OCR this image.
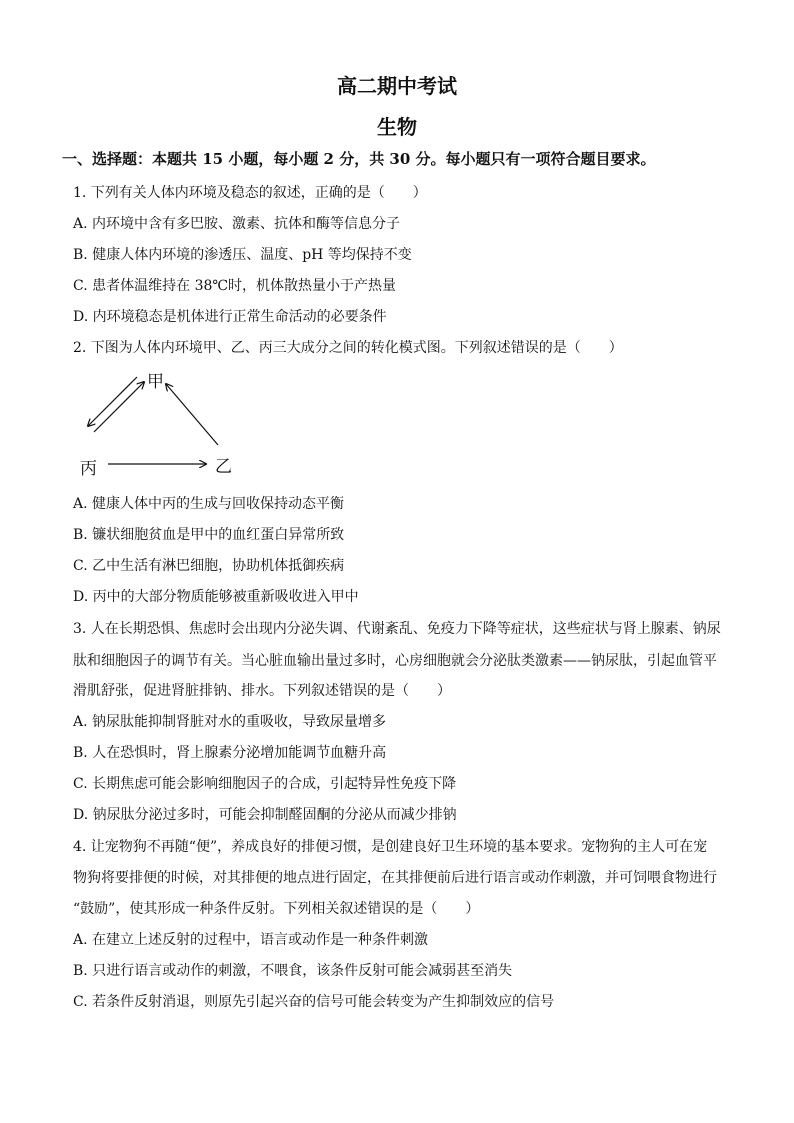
高二期中考试
生物
一、选择题：本题共 15 小题，每小题 2 分，共 30 分。每小题只有一项符合题目要求。
1. 下列有关人体内环境及稳态的叙述，正确的是（　　）
A. 内环境中含有多巴胺、激素、抗体和酶等信息分子
B. 健康人体内环境的渗透压、温度、pH 等均保持不变
C. 患者体温维持在 38℃时，机体散热量小于产热量
D. 内环境稳态是机体进行正常生命活动的必要条件
2. 下图为人体内环境甲、乙、丙三大成分之间的转化模式图。下列叙述错误的是（　　）
甲
丙	乙
A. 健康人体中丙的生成与回收保持动态平衡
B. 镰状细胞贫血是甲中的血红蛋白异常所致
C. 乙中生活有淋巴细胞，协助机体抵御疾病
D. 丙中的大部分物质能够被重新吸收进入甲中
3. 人在长期恐惧、焦虑时会出现内分泌失调、代谢紊乱、免疫力下降等症状，这些症状与肾上腺素、钠尿
肽和细胞因子的调节有关。当心脏血输出量过多时，心房细胞就会分泌肽类激素——钠尿肽，引起血管平
滑肌舒张，促进肾脏排钠、排水。下列叙述错误的是（　　）
A. 钠尿肽能抑制肾脏对水的重吸收，导致尿量增多
B. 人在恐惧时，肾上腺素分泌增加能调节血糖升高
C. 长期焦虑可能会影响细胞因子的合成，引起特异性免疫下降
D. 钠尿肽分泌过多时，可能会抑制醛固酮的分泌从而减少排钠
4. 让宠物狗不再随“便”，养成良好的排便习惯，是创建良好卫生环境的基本要求。宠物狗的主人可在宠
物狗将要排便的时候，对其排便的地点进行固定，在其排便前后进行语言或动作刺激，并可饲喂食物进行
“鼓励”，使其形成一种条件反射。下列相关叙述错误的是（　　）
A. 在建立上述反射的过程中，语言或动作是一种条件刺激
B. 只进行语言或动作的刺激，不喂食，该条件反射可能会减弱甚至消失
C. 若条件反射消退，则原先引起兴奋的信号可能会转变为产生抑制效应的信号
